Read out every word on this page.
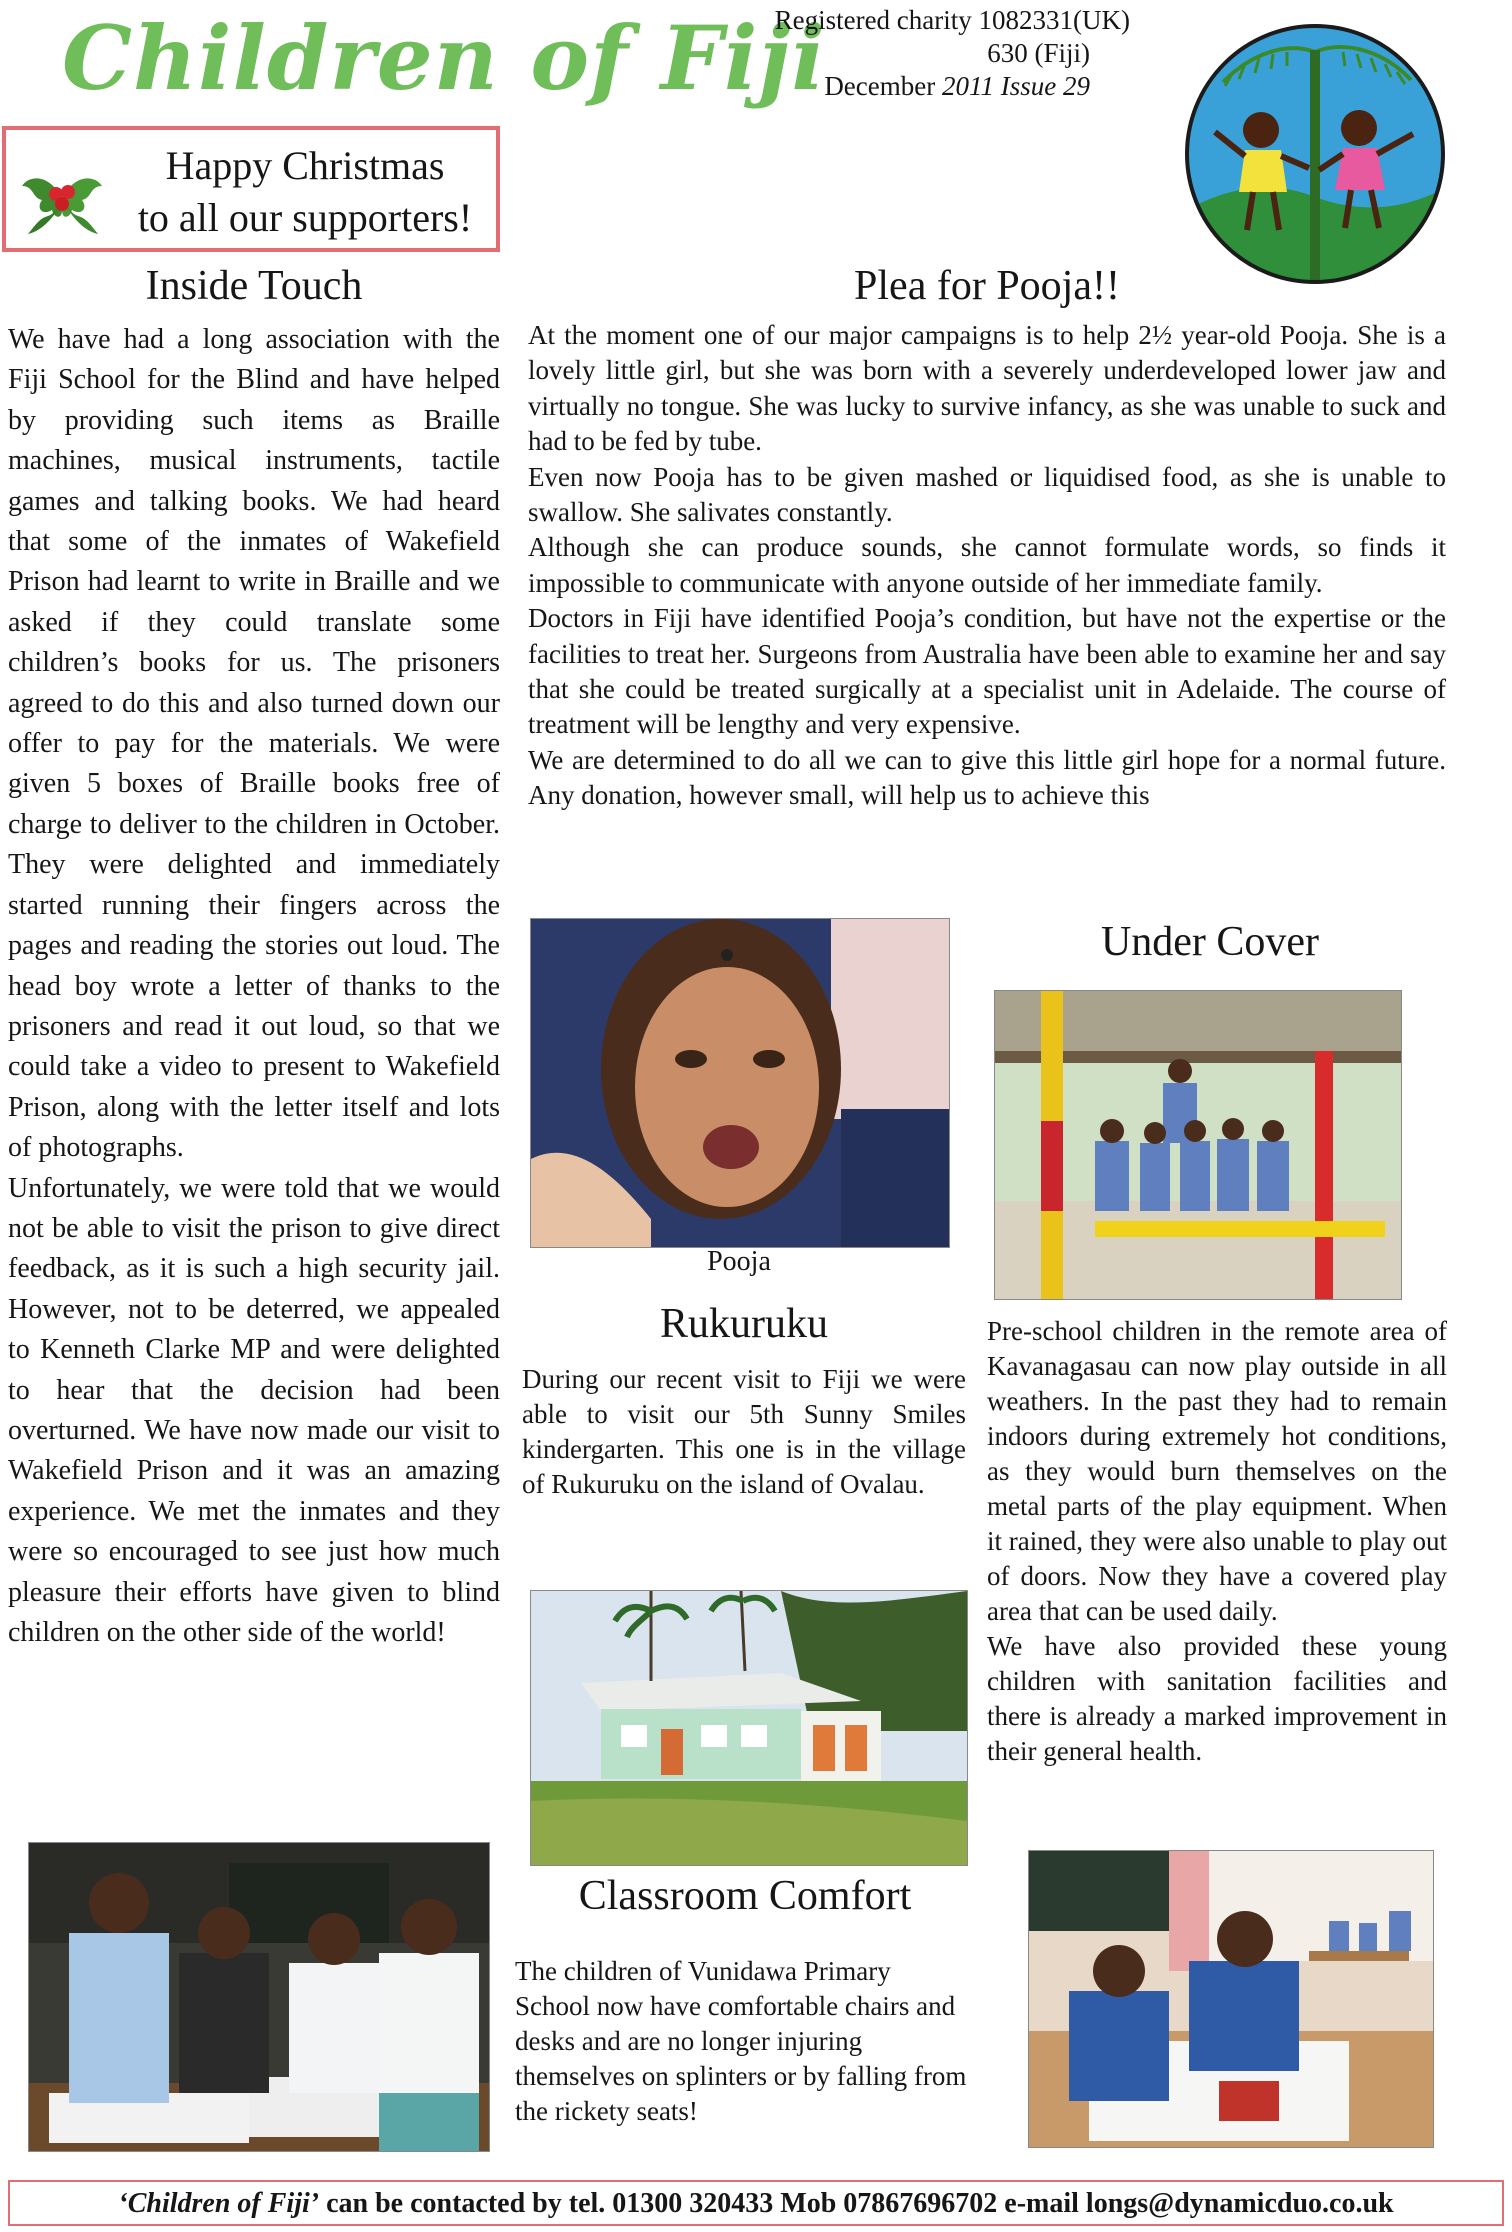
Children of Fiji
Registered charity 1082331(UK)
630 (Fiji)
December 2011 Issue 29
Happy Christmas
to all our supporters!
Inside Touch

We have had a long association with the Fiji School for the Blind and have helped by providing such items as Braille machines, musical instruments, tactile games and talking books. We had heard that some of the inmates of Wakefield Prison had learnt to write in Braille and we asked if they could translate some children’s books for us. The prisoners agreed to do this and also turned down our offer to pay for the materials. We were given 5 boxes of Braille books free of charge to deliver to the children in October. They were delighted and immediately started running their fingers across the pages and reading the stories out loud. The head boy wrote a letter of thanks to the prisoners and read it out loud, so that we could take a video to present to Wakefield Prison, along with the letter itself and lots of photographs.

Unfortunately, we were told that we would not be able to visit the prison to give direct feedback, as it is such a high security jail. However, not to be deterred, we appealed to Kenneth Clarke MP and were delighted to hear that the decision had been overturned. We have now made our visit to Wakefield Prison and it was an amazing experience. We met the inmates and they were so encouraged to see just how much pleasure their efforts have given to blind children on the other side of the world!

Plea for Pooja!!

At the moment one of our major campaigns is to help 2½ year-old Pooja. She is a lovely little girl, but she was born with a severely underdeveloped lower jaw and virtually no tongue. She was lucky to survive infancy, as she was unable to suck and had to be fed by tube.

Even now Pooja has to be given mashed or liquidised food, as she is unable to swallow. She salivates constantly.

Although she can produce sounds, she cannot formulate words, so finds it impossible to communicate with anyone outside of her immediate family.

Doctors in Fiji have identified Pooja’s condition, but have not the expertise or the facilities to treat her. Surgeons from Australia have been able to examine her and say that she could be treated surgically at a specialist unit in Adelaide. The course of treatment will be lengthy and very expensive.

We are determined to do all we can to give this little girl hope for a normal future. Any donation, however small, will help us to achieve this

Pooja
Under Cover

Pre-school children in the remote area of Kavanagasau can now play outside in all weathers. In the past they had to remain indoors during extremely hot conditions, as they would burn themselves on the metal parts of the play equipment. When it rained, they were also unable to play out of doors. Now they have a covered play area that can be used daily.

We have also provided these young children with sanitation facilities and there is already a marked improvement in their general health.

Rukuruku

During our recent visit to Fiji we were able to visit our 5th Sunny Smiles kindergarten. This one is in the village of Rukuruku on the island of Ovalau.

Classroom Comfort

The children of Vunidawa Primary School now have comfortable chairs and desks and are no longer injuring themselves on splinters or by falling from the rickety seats!

‘Children of Fiji’ can be contacted by tel. 01300 320433 Mob 07867696702 e-mail longs@dynamicduo.co.uk
